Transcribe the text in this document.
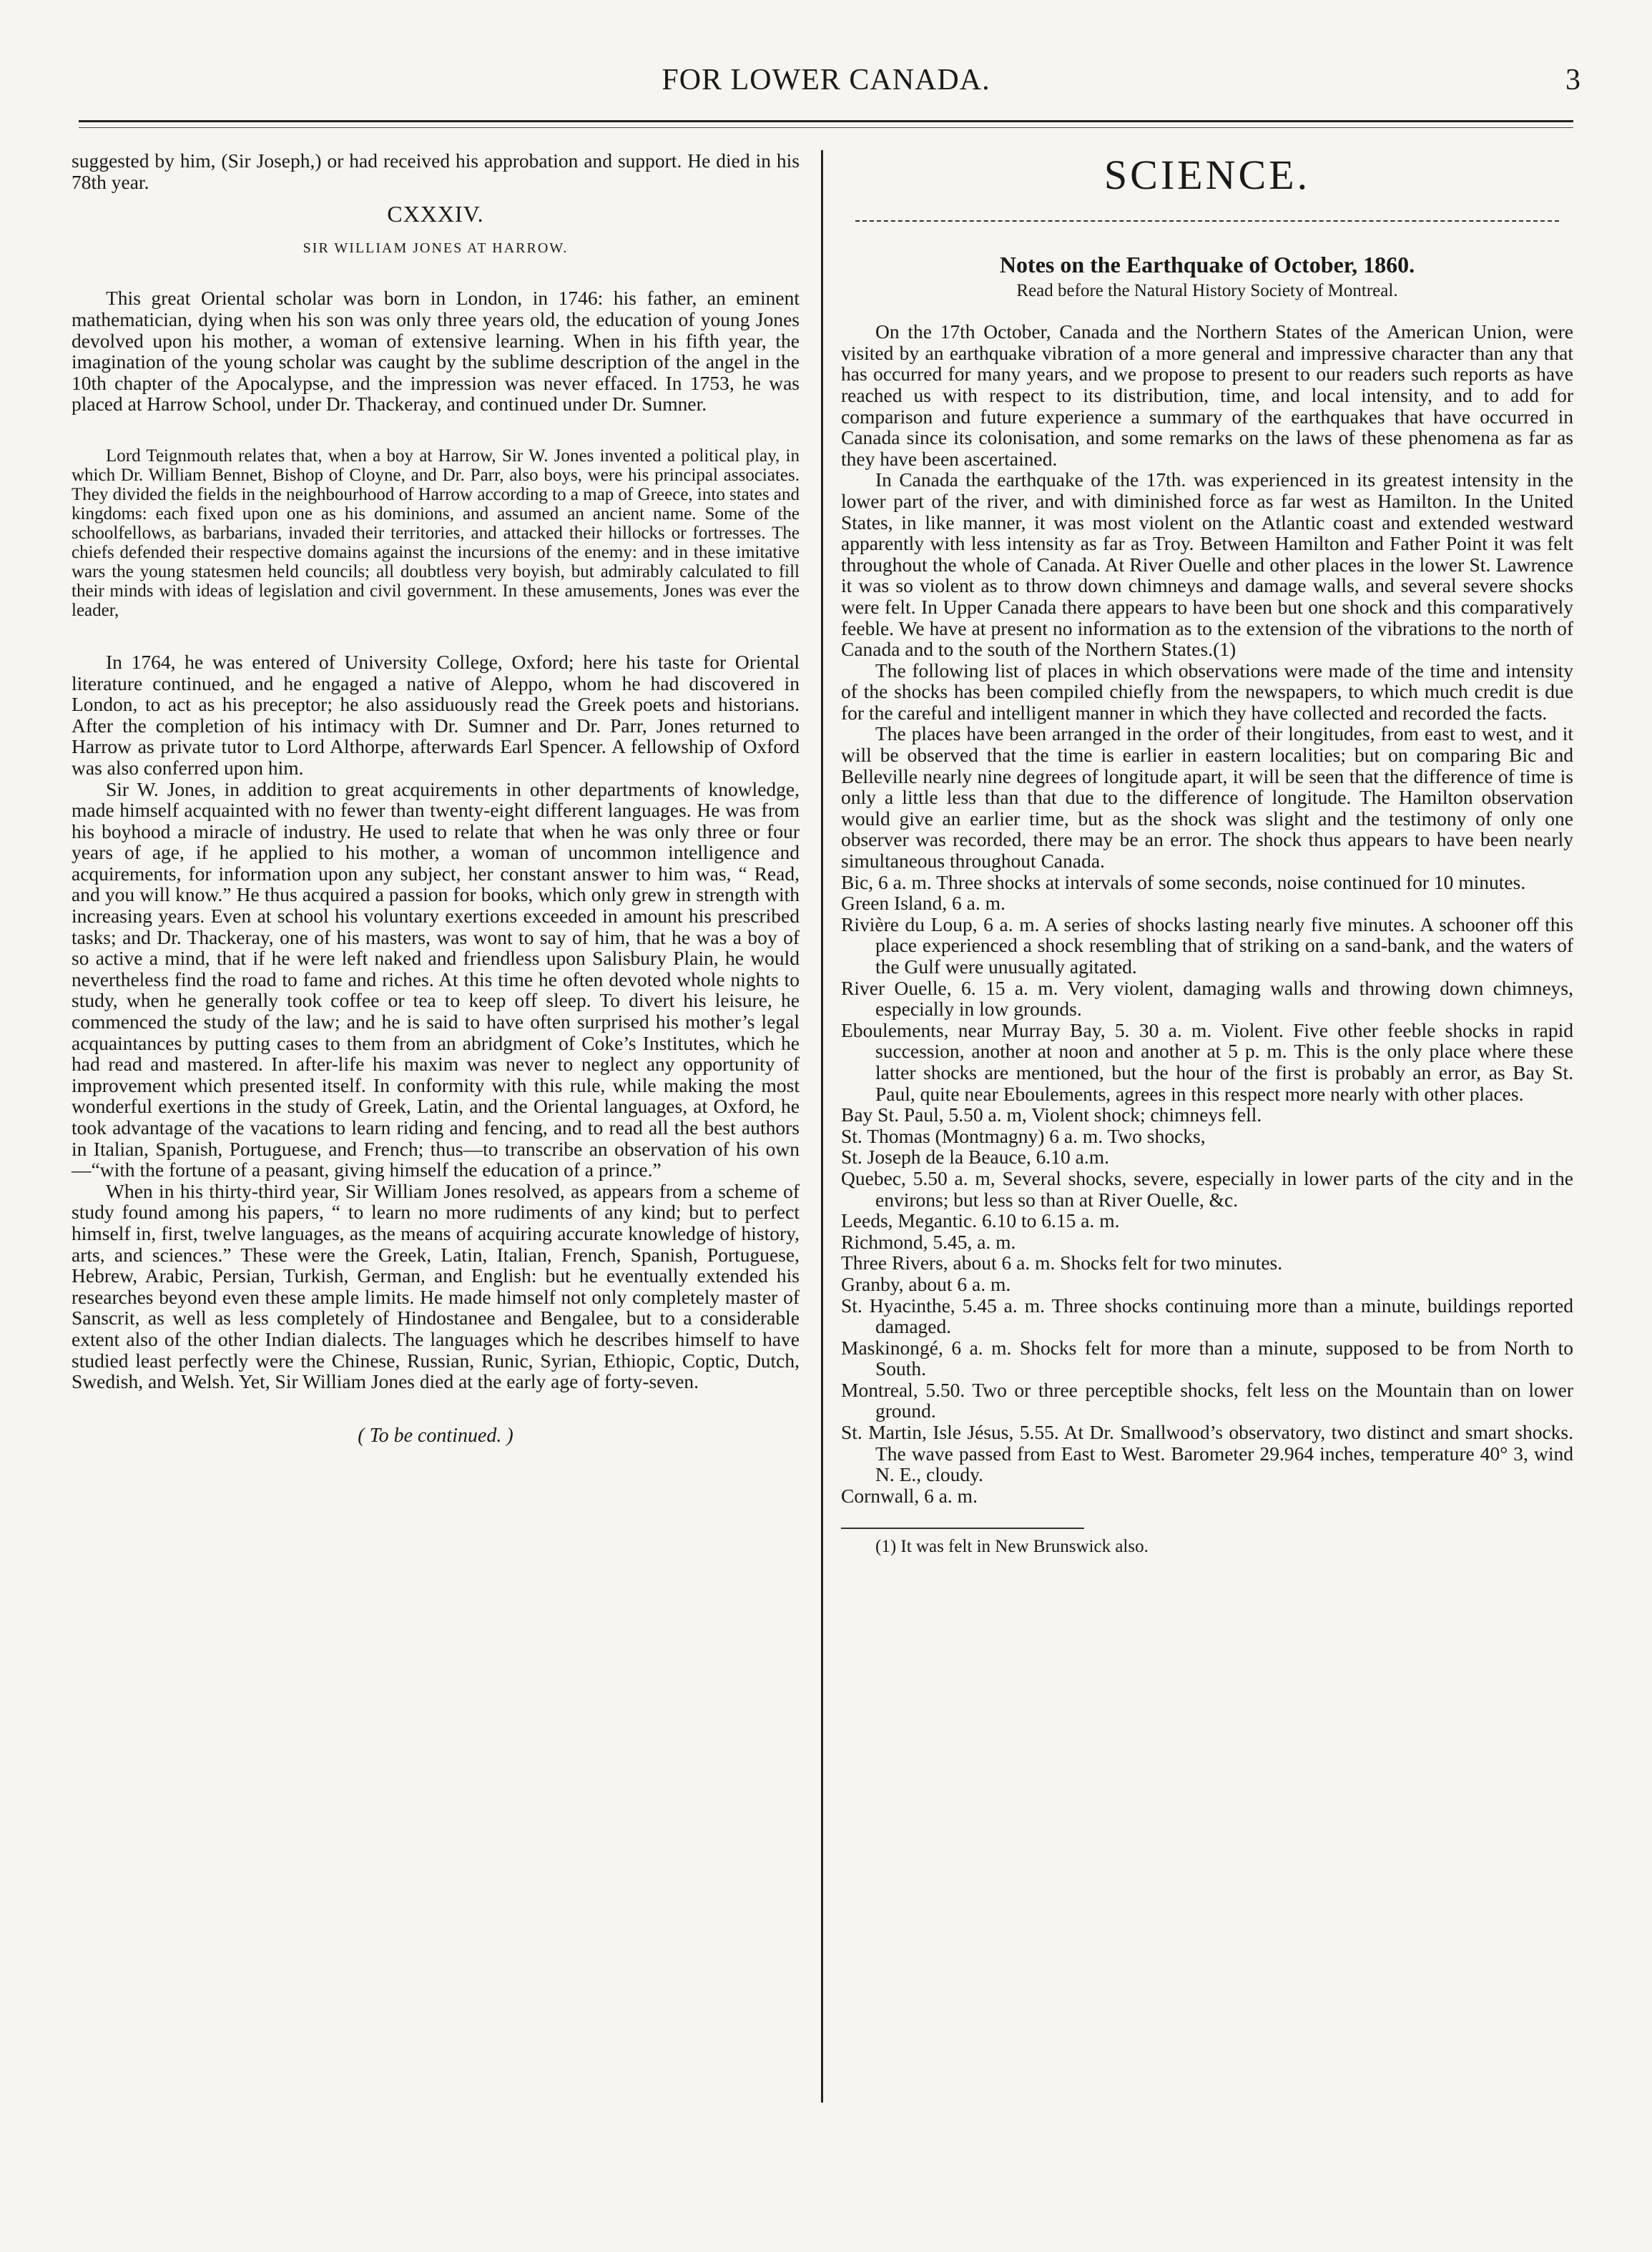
FOR LOWER CANADA.	3

suggested by him, (Sir Joseph,) or had received his approbation and support. He died in his 78th year.

CXXXIV.

SIR WILLIAM JONES AT HARROW.

This great Oriental scholar was born in London, in 1746: his father, an eminent mathematician, dying when his son was only three years old, the education of young Jones devolved upon his mother, a woman of extensive learning. When in his fifth year, the imagination of the young scholar was caught by the sublime description of the angel in the 10th chapter of the Apocalypse, and the impression was never effaced. In 1753, he was placed at Harrow School, under Dr. Thackeray, and continued under Dr. Sumner.

Lord Teignmouth relates that, when a boy at Harrow, Sir W. Jones invented a political play, in which Dr. William Bennet, Bishop of Cloyne, and Dr. Parr, also boys, were his principal associates. They divided the fields in the neighbourhood of Harrow according to a map of Greece, into states and kingdoms: each fixed upon one as his dominions, and assumed an ancient name. Some of the schoolfellows, as barbarians, invaded their territories, and attacked their hillocks or fortresses. The chiefs defended their respective domains against the incursions of the enemy: and in these imitative wars the young statesmen held councils; all doubtless very boyish, but admirably calculated to fill their minds with ideas of legislation and civil government. In these amusements, Jones was ever the leader,

In 1764, he was entered of University College, Oxford; here his taste for Oriental literature continued, and he engaged a native of Aleppo, whom he had discovered in London, to act as his preceptor; he also assiduously read the Greek poets and historians. After the completion of his intimacy with Dr. Sumner and Dr. Parr, Jones returned to Harrow as private tutor to Lord Althorpe, afterwards Earl Spencer. A fellowship of Oxford was also conferred upon him.

Sir W. Jones, in addition to great acquirements in other departments of knowledge, made himself acquainted with no fewer than twenty-eight different languages. He was from his boyhood a miracle of industry. He used to relate that when he was only three or four years of age, if he applied to his mother, a woman of uncommon intelligence and acquirements, for information upon any subject, her constant answer to him was, “ Read, and you will know.” He thus acquired a passion for books, which only grew in strength with increasing years. Even at school his voluntary exertions exceeded in amount his prescribed tasks; and Dr. Thackeray, one of his masters, was wont to say of him, that he was a boy of so active a mind, that if he were left naked and friendless upon Salisbury Plain, he would nevertheless find the road to fame and riches. At this time he often devoted whole nights to study, when he generally took coffee or tea to keep off sleep. To divert his leisure, he commenced the study of the law; and he is said to have often surprised his mother’s legal acquaintances by putting cases to them from an abridgment of Coke’s Institutes, which he had read and mastered. In after-life his maxim was never to neglect any opportunity of improvement which presented itself. In conformity with this rule, while making the most wonderful exertions in the study of Greek, Latin, and the Oriental languages, at Oxford, he took advantage of the vacations to learn riding and fencing, and to read all the best authors in Italian, Spanish, Portuguese, and French; thus—to transcribe an observation of his own—“with the fortune of a peasant, giving himself the education of a prince.”

When in his thirty-third year, Sir William Jones resolved, as appears from a scheme of study found among his papers, “ to learn no more rudiments of any kind; but to perfect himself in, first, twelve languages, as the means of acquiring accurate knowledge of history, arts, and sciences.” These were the Greek, Latin, Italian, French, Spanish, Portuguese, Hebrew, Arabic, Persian, Turkish, German, and English: but he eventually extended his researches beyond even these ample limits. He made himself not only completely master of Sanscrit, as well as less completely of Hindostanee and Bengalee, but to a considerable extent also of the other Indian dialects. The languages which he describes himself to have studied least perfectly were the Chinese, Russian, Runic, Syrian, Ethiopic, Coptic, Dutch, Swedish, and Welsh. Yet, Sir William Jones died at the early age of forty-seven.

( To be continued. )

SCIENCE.

Notes on the Earthquake of October, 1860.

Read before the Natural History Society of Montreal.

On the 17th October, Canada and the Northern States of the American Union, were visited by an earthquake vibration of a more general and impressive character than any that has occurred for many years, and we propose to present to our readers such reports as have reached us with respect to its distribution, time, and local intensity, and to add for comparison and future experience a summary of the earthquakes that have occurred in Canada since its colonisation, and some remarks on the laws of these phenomena as far as they have been ascertained.

In Canada the earthquake of the 17th. was experienced in its greatest intensity in the lower part of the river, and with diminished force as far west as Hamilton. In the United States, in like manner, it was most violent on the Atlantic coast and extended westward apparently with less intensity as far as Troy. Between Hamilton and Father Point it was felt throughout the whole of Canada. At River Ouelle and other places in the lower St. Lawrence it was so violent as to throw down chimneys and damage walls, and several severe shocks were felt. In Upper Canada there appears to have been but one shock and this comparatively feeble. We have at present no information as to the extension of the vibrations to the north of Canada and to the south of the Northern States.(1)

The following list of places in which observations were made of the time and intensity of the shocks has been compiled chiefly from the newspapers, to which much credit is due for the careful and intelligent manner in which they have collected and recorded the facts.

The places have been arranged in the order of their longitudes, from east to west, and it will be observed that the time is earlier in eastern localities; but on comparing Bic and Belleville nearly nine degrees of longitude apart, it will be seen that the difference of time is only a little less than that due to the difference of longitude. The Hamilton observation would give an earlier time, but as the shock was slight and the testimony of only one observer was recorded, there may be an error. The shock thus appears to have been nearly simultaneous throughout Canada.

Bic, 6 a. m. Three shocks at intervals of some seconds, noise continued for 10 minutes.

Green Island, 6 a. m.

Rivière du Loup, 6 a. m. A series of shocks lasting nearly five minutes. A schooner off this place experienced a shock resembling that of striking on a sand-bank, and the waters of the Gulf were unusually agitated.

River Ouelle, 6. 15 a. m. Very violent, damaging walls and throwing down chimneys, especially in low grounds.

Eboulements, near Murray Bay, 5. 30 a. m. Violent. Five other feeble shocks in rapid succession, another at noon and another at 5 p. m. This is the only place where these latter shocks are mentioned, but the hour of the first is probably an error, as Bay St. Paul, quite near Eboulements, agrees in this respect more nearly with other places.

Bay St. Paul, 5.50 a. m, Violent shock; chimneys fell.

St. Thomas (Montmagny) 6 a. m. Two shocks,

St. Joseph de la Beauce, 6.10 a.m.

Quebec, 5.50 a. m, Several shocks, severe, especially in lower parts of the city and in the environs; but less so than at River Ouelle, &c.

Leeds, Megantic. 6.10 to 6.15 a. m.

Richmond, 5.45, a. m.

Three Rivers, about 6 a. m. Shocks felt for two minutes.

Granby, about 6 a. m.

St. Hyacinthe, 5.45 a. m. Three shocks continuing more than a minute, buildings reported damaged.

Maskinongé, 6 a. m. Shocks felt for more than a minute, supposed to be from North to South.

Montreal, 5.50. Two or three perceptible shocks, felt less on the Mountain than on lower ground.

St. Martin, Isle Jésus, 5.55. At Dr. Smallwood’s observatory, two distinct and smart shocks. The wave passed from East to West. Barometer 29.964 inches, temperature 40° 3, wind N. E., cloudy.

Cornwall, 6 a. m.

(1) It was felt in New Brunswick also.
